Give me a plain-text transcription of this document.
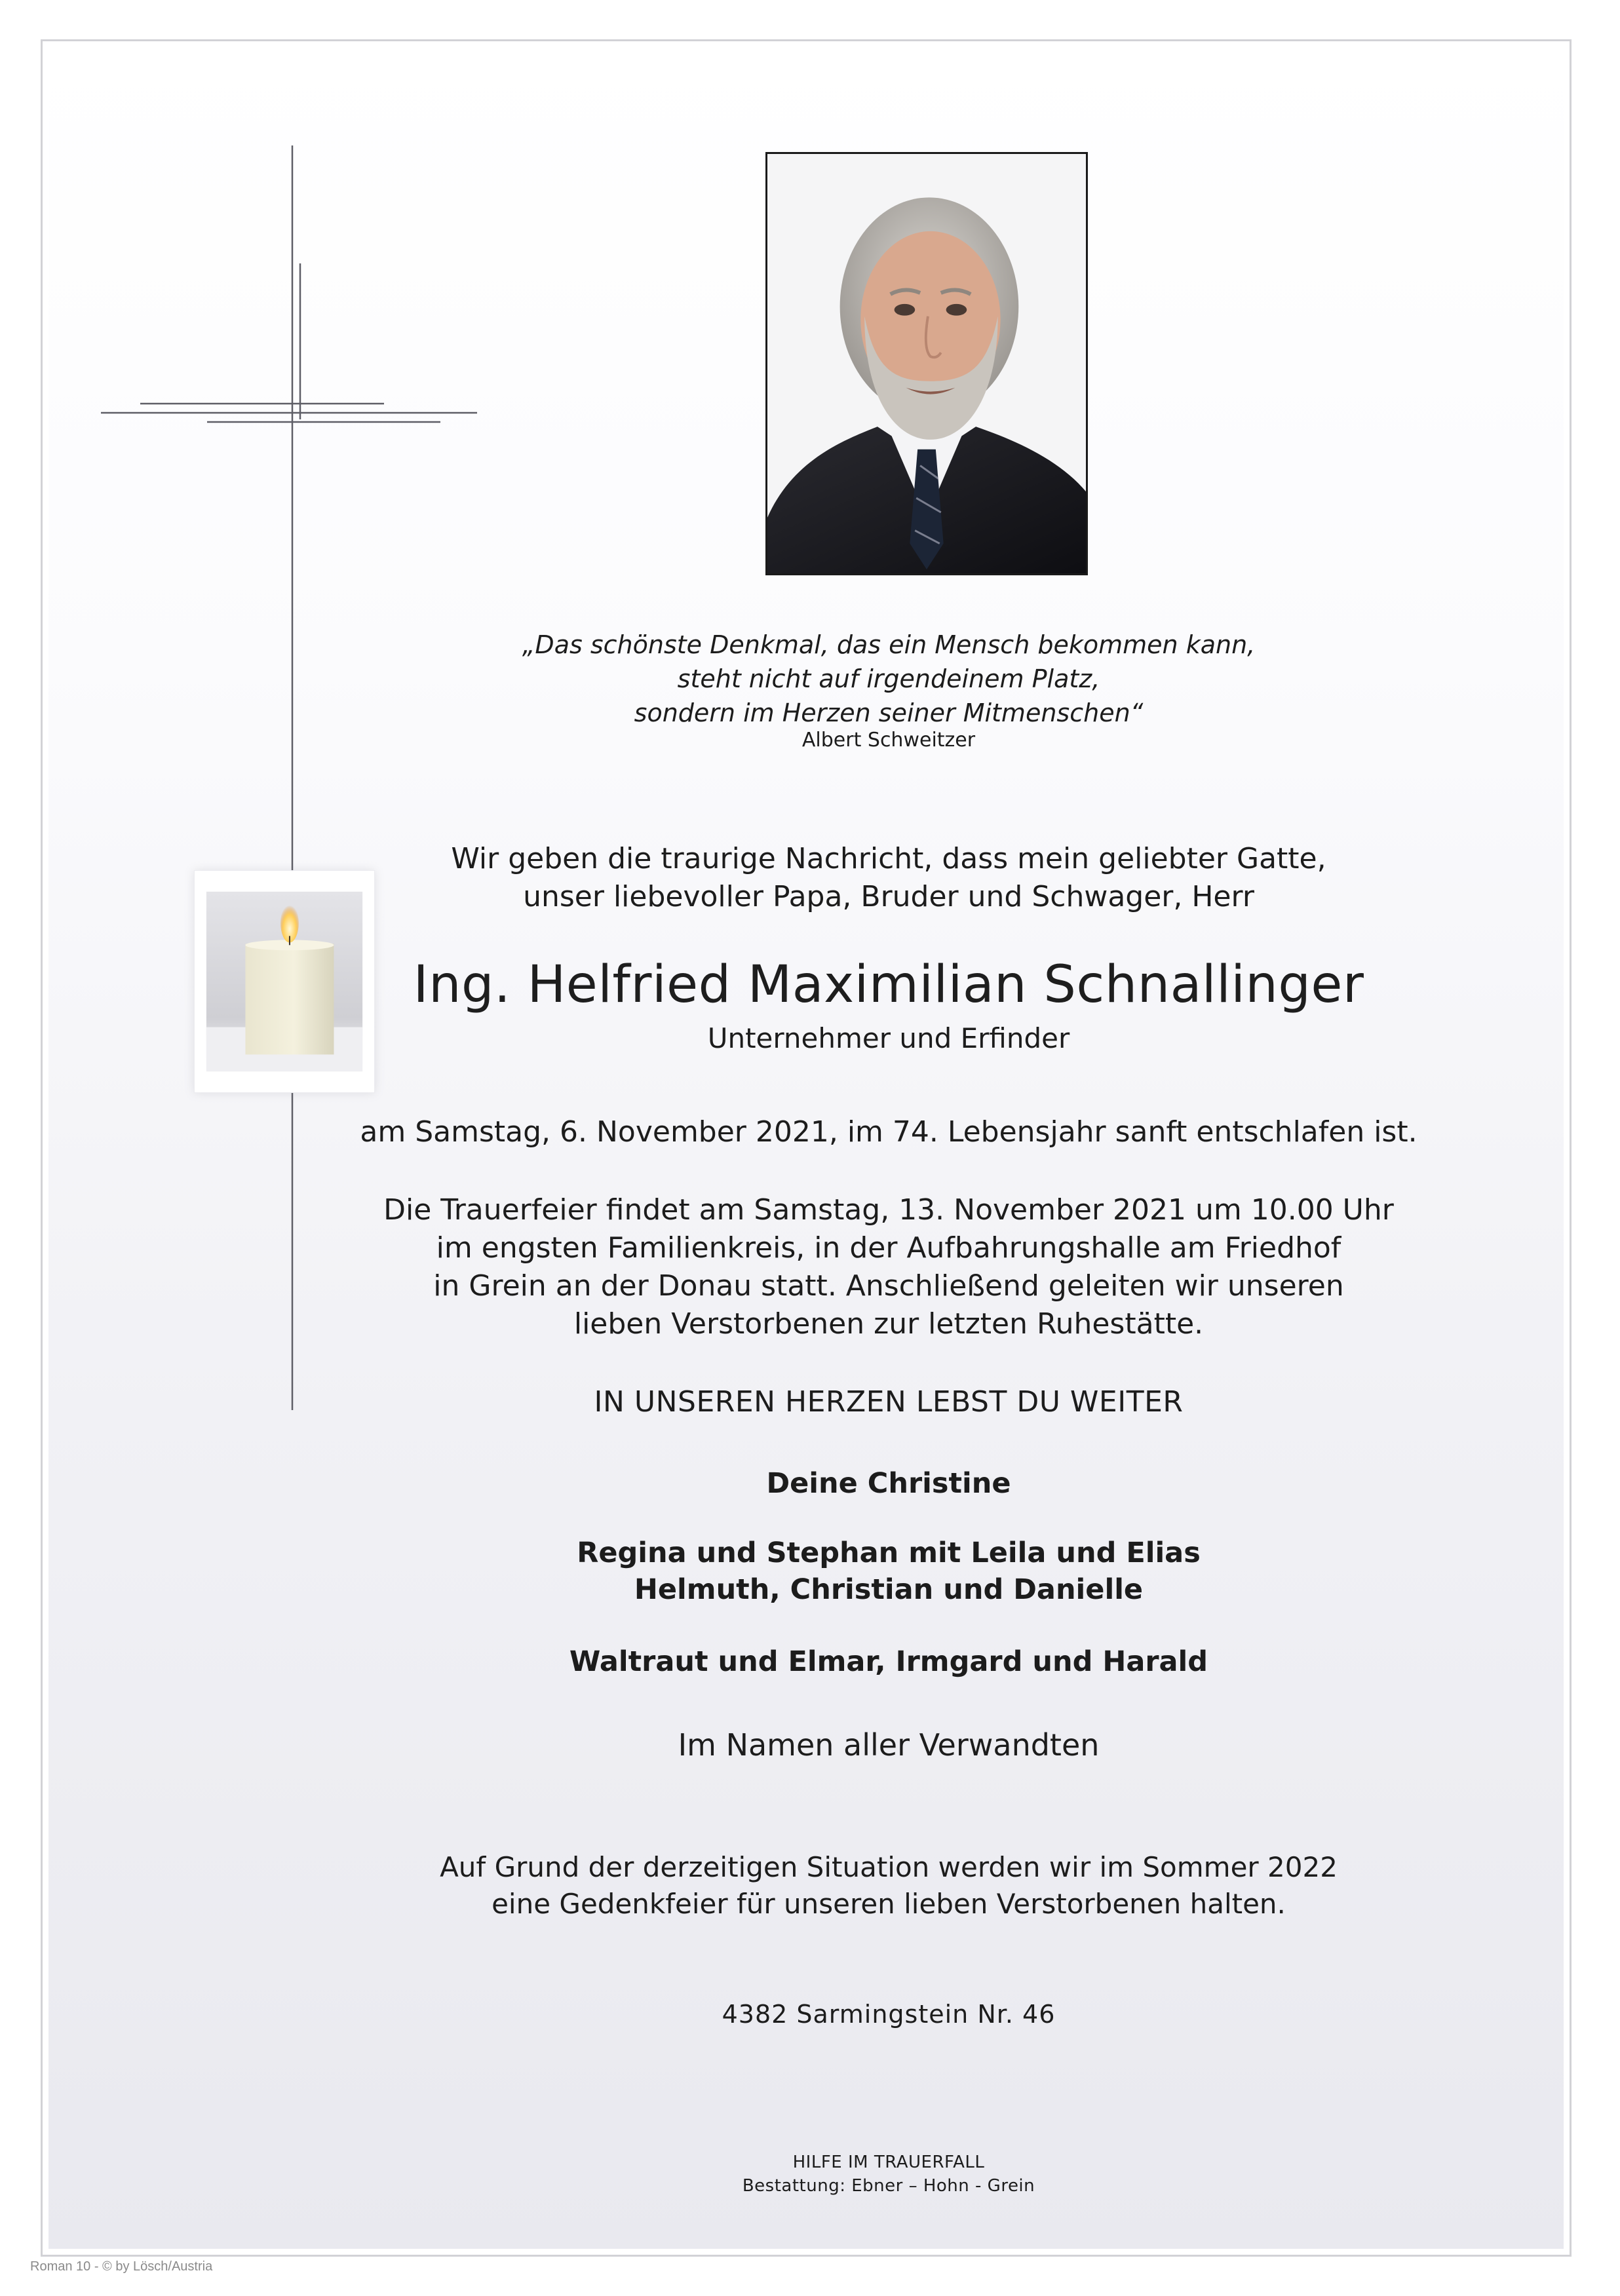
„Das schönste Denkmal, das ein Mensch bekommen kann,
steht nicht auf irgendeinem Platz,
sondern im Herzen seiner Mitmenschen“
Albert Schweitzer
Wir geben die traurige Nachricht, dass mein geliebter Gatte,
unser liebevoller Papa, Bruder und Schwager, Herr
Ing. Helfried Maximilian Schnallinger
Unternehmer und Erfinder
am Samstag, 6. November 2021, im 74. Lebensjahr sanft entschlafen ist.
Die Trauerfeier findet am Samstag, 13. November 2021 um 10.00 Uhr
im engsten Familienkreis, in der Aufbahrungshalle am Friedhof
in Grein an der Donau statt. Anschließend geleiten wir unseren
lieben Verstorbenen zur letzten Ruhestätte.
IN UNSEREN HERZEN LEBST DU WEITER
Deine Christine
Regina und Stephan mit Leila und Elias
Helmuth, Christian und Danielle
Waltraut und Elmar, Irmgard und Harald
Im Namen aller Verwandten
Auf Grund der derzeitigen Situation werden wir im Sommer 2022
eine Gedenkfeier für unseren lieben Verstorbenen halten.
4382 Sarmingstein Nr. 46
HILFE IM TRAUERFALL
Bestattung: Ebner – Hohn - Grein
Roman 10 - © by Lösch/Austria
